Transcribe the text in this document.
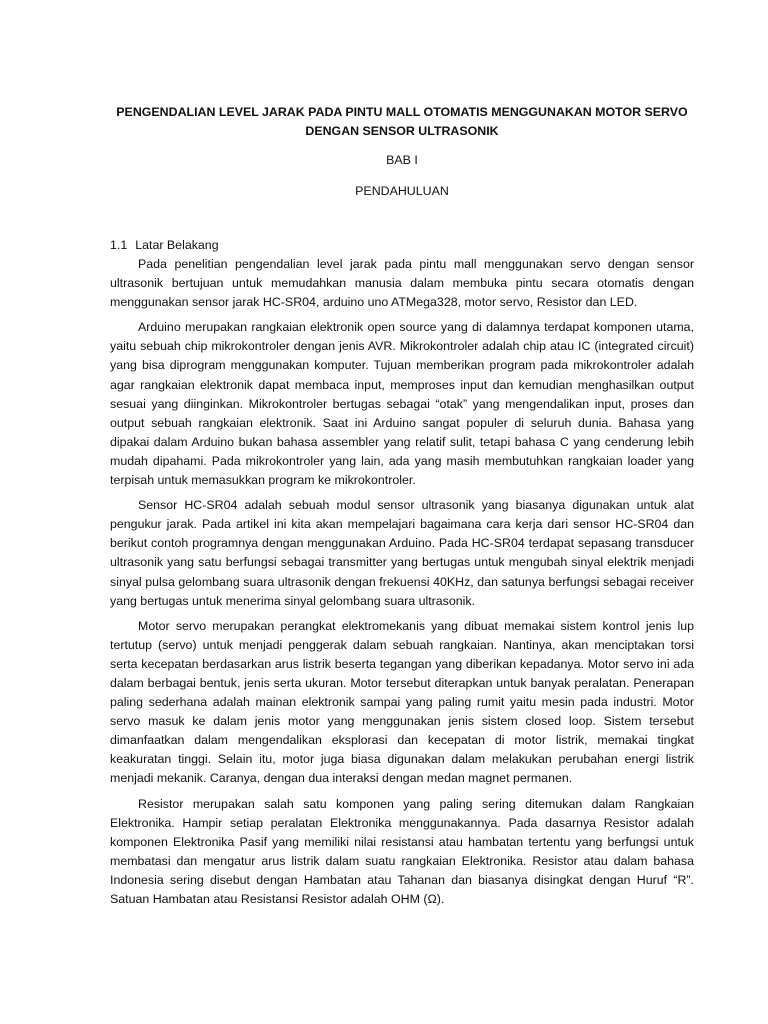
PENGENDALIAN LEVEL JARAK PADA PINTU MALL OTOMATIS MENGGUNAKAN MOTOR SERVO
DENGAN SENSOR ULTRASONIK

BAB I

PENDAHULUAN

1.1 Latar Belakang

Pada penelitian pengendalian level jarak pada pintu mall menggunakan servo dengan sensor ultrasonik bertujuan untuk memudahkan manusia dalam membuka pintu secara otomatis dengan menggunakan sensor jarak HC-SR04, arduino uno ATMega328, motor servo, Resistor dan LED.

Arduino merupakan rangkaian elektronik open source yang di dalamnya terdapat komponen utama, yaitu sebuah chip mikrokontroler dengan jenis AVR. Mikrokontroler adalah chip atau IC (integrated circuit) yang bisa diprogram menggunakan komputer. Tujuan memberikan program pada mikrokontroler adalah agar rangkaian elektronik dapat membaca input, memproses input dan kemudian menghasilkan output sesuai yang diinginkan. Mikrokontroler bertugas sebagai “otak” yang mengendalikan input, proses dan output sebuah rangkaian elektronik. Saat ini Arduino sangat populer di seluruh dunia. Bahasa yang dipakai dalam Arduino bukan bahasa assembler yang relatif sulit, tetapi bahasa C yang cenderung lebih mudah dipahami. Pada mikrokontroler yang lain, ada yang masih membutuhkan rangkaian loader yang terpisah untuk memasukkan program ke mikrokontroler.

Sensor HC-SR04 adalah sebuah modul sensor ultrasonik yang biasanya digunakan untuk alat pengukur jarak. Pada artikel ini kita akan mempelajari bagaimana cara kerja dari sensor HC-SR04 dan berikut contoh programnya dengan menggunakan Arduino. Pada HC-SR04 terdapat sepasang transducer ultrasonik yang satu berfungsi sebagai transmitter yang bertugas untuk mengubah sinyal elektrik menjadi sinyal pulsa gelombang suara ultrasonik dengan frekuensi 40KHz, dan satunya berfungsi sebagai receiver yang bertugas untuk menerima sinyal gelombang suara ultrasonik.

Motor servo merupakan perangkat elektromekanis yang dibuat memakai sistem kontrol jenis lup tertutup (servo) untuk menjadi penggerak dalam sebuah rangkaian. Nantinya, akan menciptakan torsi serta kecepatan berdasarkan arus listrik beserta tegangan yang diberikan kepadanya. Motor servo ini ada dalam berbagai bentuk, jenis serta ukuran. Motor tersebut diterapkan untuk banyak peralatan. Penerapan paling sederhana adalah mainan elektronik sampai yang paling rumit yaitu mesin pada industri. Motor servo masuk ke dalam jenis motor yang menggunakan jenis sistem closed loop. Sistem tersebut dimanfaatkan dalam mengendalikan eksplorasi dan kecepatan di motor listrik, memakai tingkat keakuratan tinggi. Selain itu, motor juga biasa digunakan dalam melakukan perubahan energi listrik menjadi mekanik. Caranya, dengan dua interaksi dengan medan magnet permanen.

Resistor merupakan salah satu komponen yang paling sering ditemukan dalam Rangkaian Elektronika. Hampir setiap peralatan Elektronika menggunakannya. Pada dasarnya Resistor adalah komponen Elektronika Pasif yang memiliki nilai resistansi atau hambatan tertentu yang berfungsi untuk membatasi dan mengatur arus listrik dalam suatu rangkaian Elektronika. Resistor atau dalam bahasa Indonesia sering disebut dengan Hambatan atau Tahanan dan biasanya disingkat dengan Huruf “R”. Satuan Hambatan atau Resistansi Resistor adalah OHM (Ω).
